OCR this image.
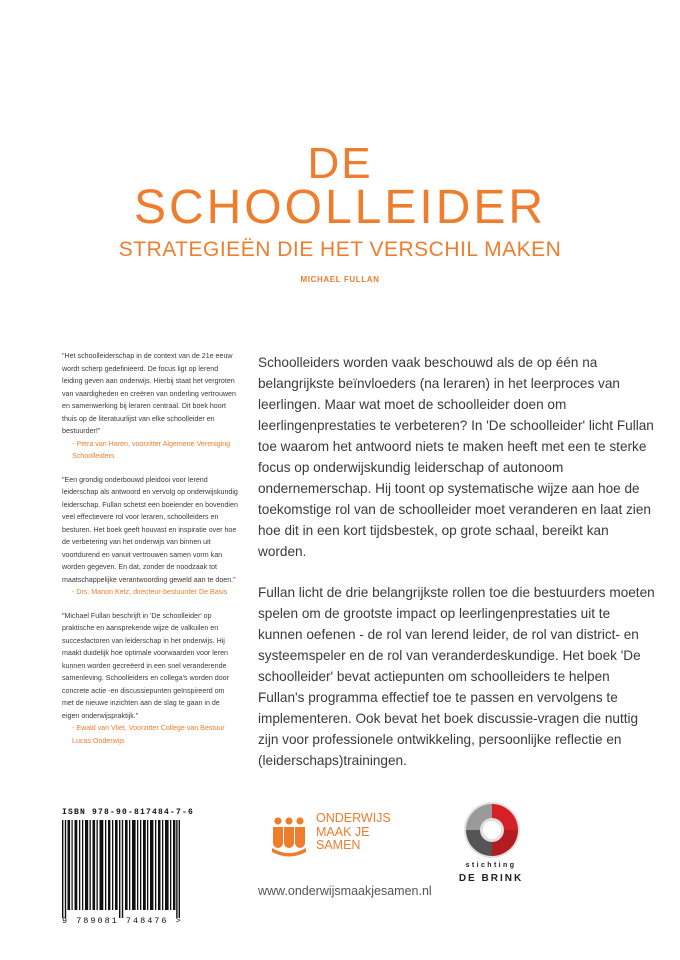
DE
SCHOOLLEIDER
STRATEGIEËN DIE HET VERSCHIL MAKEN
MICHAEL FULLAN

"Het schoolleiderschap in de context van de 21e eeuw wordt scherp gedefinieerd. De focus ligt op lerend leiding geven aan onderwijs. Hierbij staat het vergroten van vaardigheden en creëren van onderling vertrouwen en samenwerking bij leraren centraal. Dit boek hoort thuis op de literatuurlijst van elke schoolleider en bestuurder!"

- Petra van Haren, voorzitter Algemene Vereniging Schoolleiders

"Een grondig onderbouwd pleidooi voor lerend leiderschap als antwoord en vervolg op onderwijskundig leiderschap. Fullan schetst een boeiender en bovendien veel effectievere rol voor leraren, schoolleiders en besturen. Het boek geeft houvast en inspiratie over hoe de verbetering van het onderwijs van binnen uit voortdurend en vanuit vertrouwen samen vorm kan worden gegeven. En dat, zonder de noodzaak tot maatschappelijke verantwoording geweld aan te doen."

- Drs. Manon Ketz, directeur-bestuurder De Basis

"Michael Fullan beschrijft in 'De schoolleider' op praktische en aansprekende wijze de valkuilen en succesfactoren van leiderschap in het onderwijs. Hij maakt duidelijk hoe optimale voorwaarden voor leren kunnen worden gecreëerd in een snel veranderende samenleving. Schoolleiders en collega's worden door concrete actie -en discussiepunten geïnspireerd om met de nieuwe inzichten aan de slag te gaan in de eigen onderwijspraktijk."

- Ewald van Vliet, Voorzitter College van Bestuur Lucas Onderwijs

Schoolleiders worden vaak beschouwd als de op één na belangrijkste beïnvloeders (na leraren) in het leerproces van leerlingen. Maar wat moet de schoolleider doen om leerlingenprestaties te verbeteren? In 'De schoolleider' licht Fullan toe waarom het antwoord niets te maken heeft met een te sterke focus op onderwijskundig leiderschap of autonoom ondernemerschap. Hij toont op systematische wijze aan hoe de toekomstige rol van de schoolleider moet veranderen en laat zien hoe dit in een kort tijdsbestek, op grote schaal, bereikt kan worden.

Fullan licht de drie belangrijkste rollen toe die bestuurders moeten spelen om de grootste impact op leerlingenprestaties uit te kunnen oefenen - de rol van lerend leider, de rol van district- en systeemspeler en de rol van veranderdeskundige. Het boek 'De schoolleider' bevat actiepunten om schoolleiders te helpen Fullan's programma effectief toe te passen en vervolgens te implementeren. Ook bevat het boek discussie-vragen die nuttig zijn voor professionele ontwikkeling, persoonlijke reflectie en (leiderschaps)trainingen.

ISBN 978-90-817484-7-6
9 789081 748476 >
ONDERWIJS
MAAK JE
SAMEN
stichting
DE BRINK
www.onderwijsmaakjesamen.nl
